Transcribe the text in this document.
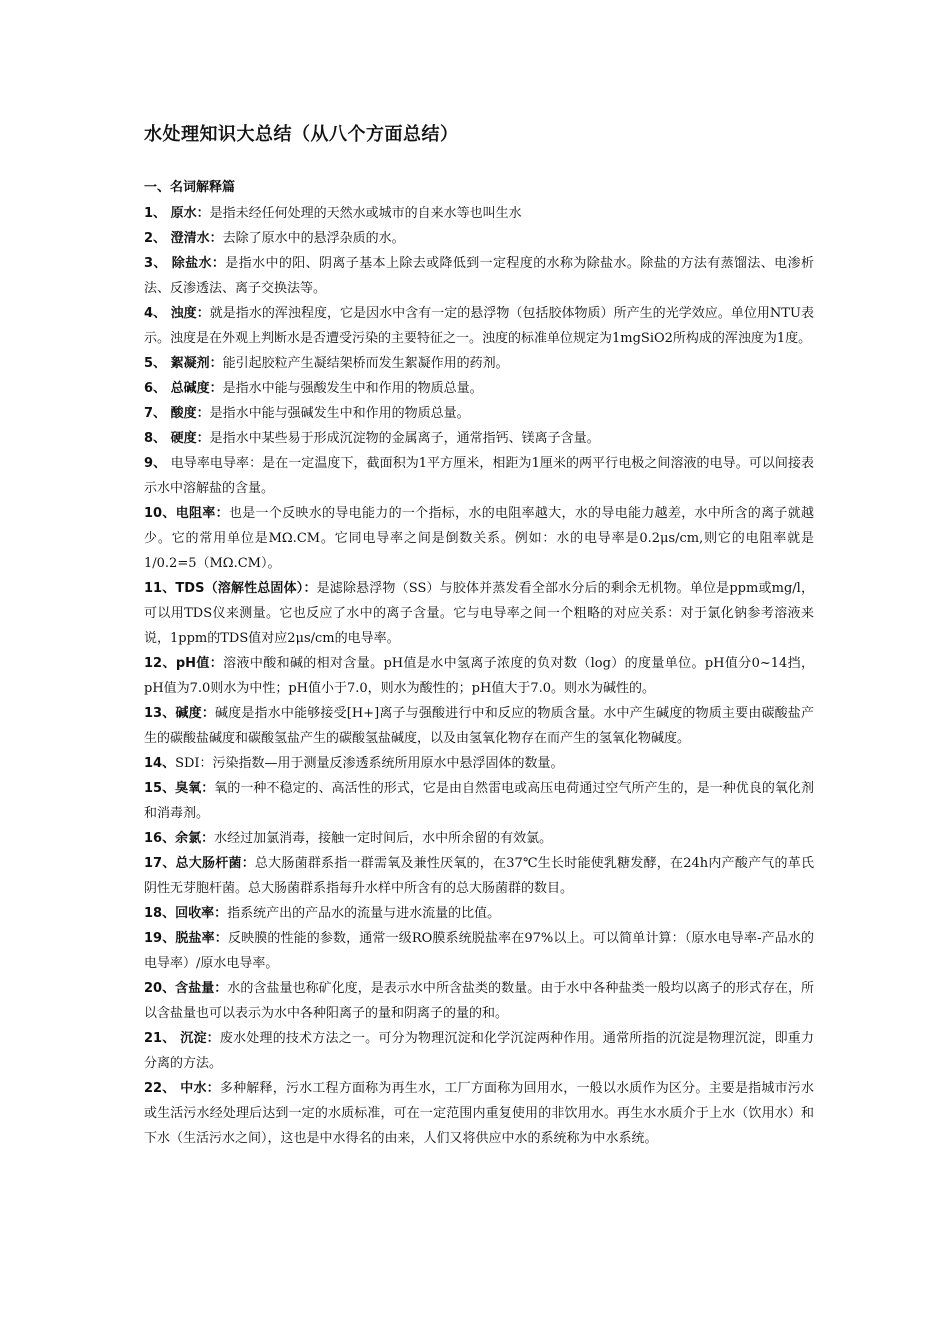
水处理知识大总结（从八个方面总结）
一、名词解释篇

1、 原水：是指未经任何处理的天然水或城市的自来水等也叫生水

2、 澄清水：去除了原水中的悬浮杂质的水。

3、 除盐水：是指水中的阳、阴离子基本上除去或降低到一定程度的水称为除盐水。除盐的方法有蒸馏法、电渗析法、反渗透法、离子交换法等。

4、 浊度：就是指水的浑浊程度，它是因水中含有一定的悬浮物（包括胶体物质）所产生的光学效应。单位用NTU表示。浊度是在外观上判断水是否遭受污染的主要特征之一。浊度的标准单位规定为1mgSiO2所构成的浑浊度为1度。

5、 絮凝剂：能引起胶粒产生凝结架桥而发生絮凝作用的药剂。

6、 总碱度：是指水中能与强酸发生中和作用的物质总量。

7、 酸度：是指水中能与强碱发生中和作用的物质总量。

8、 硬度：是指水中某些易于形成沉淀物的金属离子，通常指钙、镁离子含量。

9、 电导率电导率：是在一定温度下，截面积为1平方厘米，相距为1厘米的两平行电极之间溶液的电导。可以间接表示水中溶解盐的含量。

10、电阻率：也是一个反映水的导电能力的一个指标，水的电阻率越大，水的导电能力越差，水中所含的离子就越少。它的常用单位是MΩ.CM。它同电导率之间是倒数关系。例如：水的电导率是0.2μs/cm,则它的电阻率就是1/0.2=5（MΩ.CM）。

11、TDS（溶解性总固体）：是滤除悬浮物（SS）与胶体并蒸发看全部水分后的剩余无机物。单位是ppm或mg/l，可以用TDS仪来测量。它也反应了水中的离子含量。它与电导率之间一个粗略的对应关系：对于氯化钠参考溶液来说，1ppm的TDS值对应2μs/cm的电导率。

12、pH值：溶液中酸和碱的相对含量。pH值是水中氢离子浓度的负对数（log）的度量单位。pH值分0~14挡，pH值为7.0则水为中性；pH值小于7.0，则水为酸性的；pH值大于7.0。则水为碱性的。

13、碱度：碱度是指水中能够接受[H+]离子与强酸进行中和反应的物质含量。水中产生碱度的物质主要由碳酸盐产生的碳酸盐碱度和碳酸氢盐产生的碳酸氢盐碱度，以及由氢氧化物存在而产生的氢氧化物碱度。

14、SDI：污染指数—用于测量反渗透系统所用原水中悬浮固体的数量。

15、臭氧：氧的一种不稳定的、高活性的形式，它是由自然雷电或高压电荷通过空气所产生的，是一种优良的氧化剂和消毒剂。

16、余氯：水经过加氯消毒，接触一定时间后，水中所余留的有效氯。

17、总大肠杆菌：总大肠菌群系指一群需氧及兼性厌氧的，在37℃生长时能使乳糖发酵，在24h内产酸产气的革氏阴性无芽胞杆菌。总大肠菌群系指每升水样中所含有的总大肠菌群的数目。

18、回收率：指系统产出的产品水的流量与进水流量的比值。

19、脱盐率：反映膜的性能的参数，通常一级RO膜系统脱盐率在97%以上。可以简单计算：（原水电导率-产品水的电导率）/原水电导率。

20、含盐量：水的含盐量也称矿化度，是表示水中所含盐类的数量。由于水中各种盐类一般均以离子的形式存在，所以含盐量也可以表示为水中各种阳离子的量和阴离子的量的和。

21、 沉淀：废水处理的技术方法之一。可分为物理沉淀和化学沉淀两种作用。通常所指的沉淀是物理沉淀，即重力分离的方法。

22、 中水：多种解释，污水工程方面称为再生水，工厂方面称为回用水，一般以水质作为区分。主要是指城市污水或生活污水经处理后达到一定的水质标准，可在一定范围内重复使用的非饮用水。再生水水质介于上水（饮用水）和下水（生活污水之间），这也是中水得名的由来，人们又将供应中水的系统称为中水系统。
